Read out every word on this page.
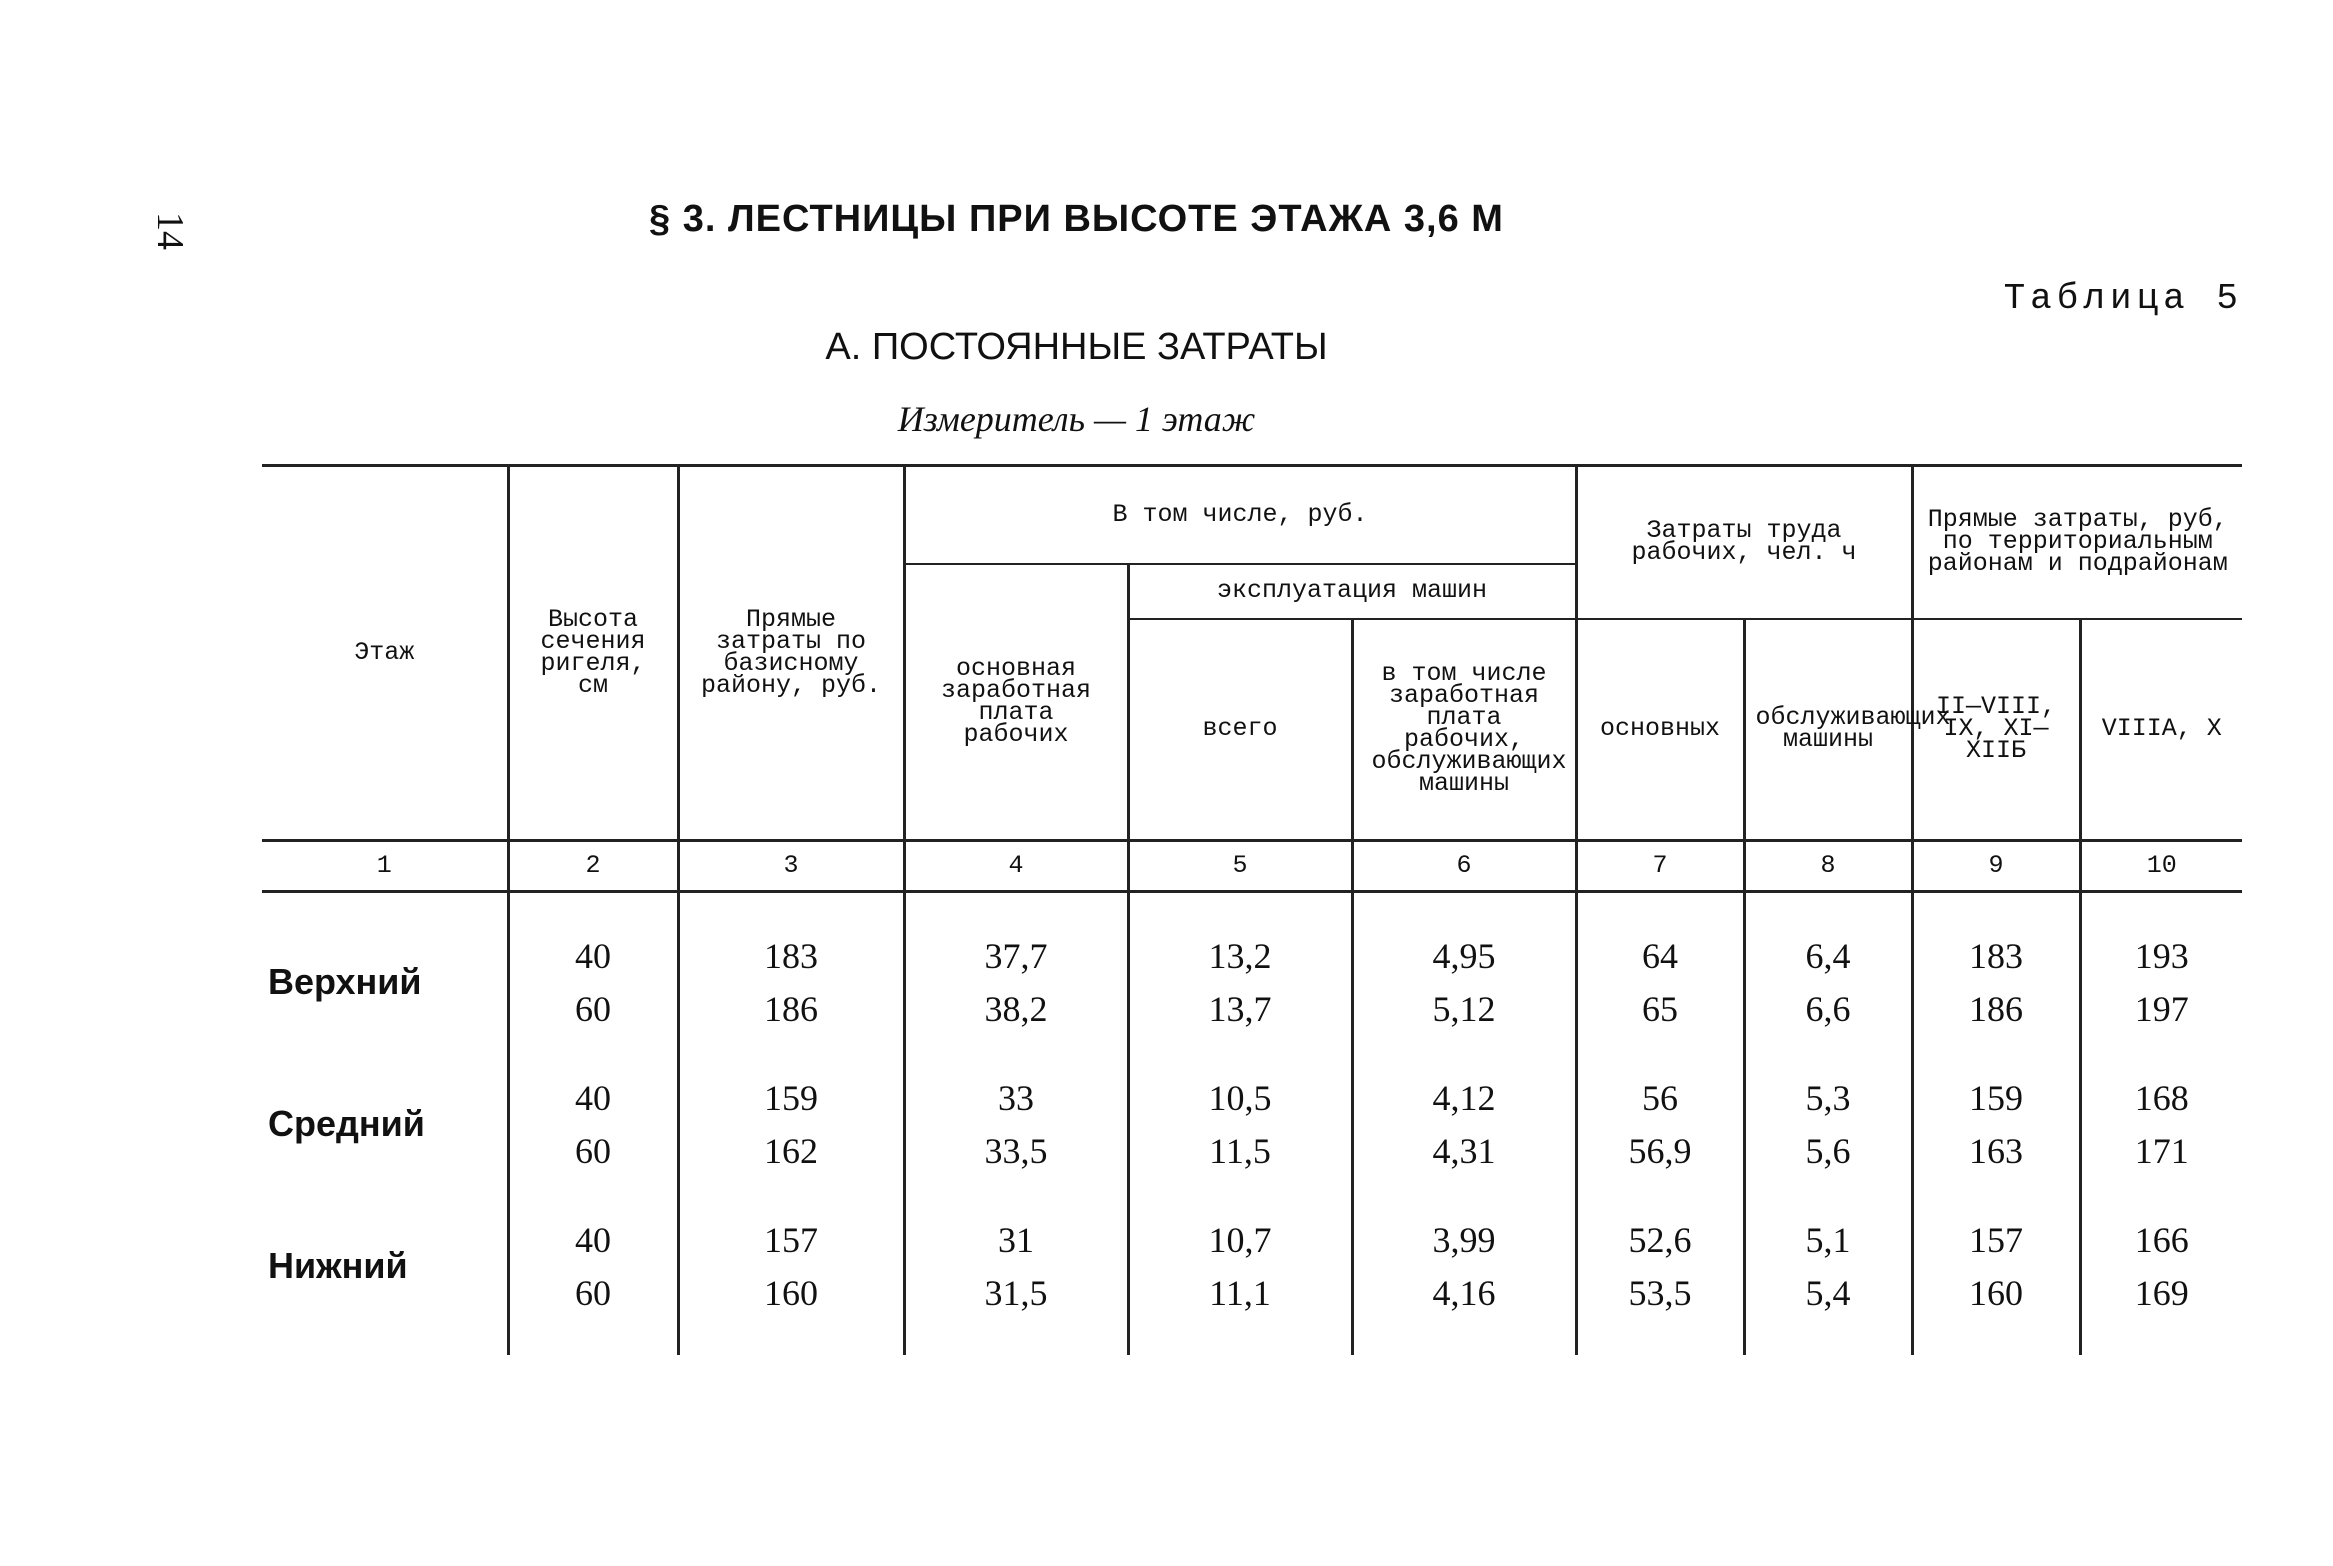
14	§ 3. ЛЕСТНИЦЫ ПРИ ВЫСОТЕ ЭТАЖА 3,6 М
Таблица 5
А. ПОСТОЯННЫЕ ЗАТРАТЫ
Измеритель — 1 этаж
Этаж	Высота сечения ригеля, см	Прямые затраты по базисному району, руб.	В том числе, руб.			Затраты труда рабочих, чел. ч		Прямые затраты, руб, по территориальным районам и подрайонам	
			основная заработная плата рабочих	эксплуатация машин					
				всего	в том числе заработная плата рабочих, обслуживающих машины	основных	обслуживающих машины	II—VIII, IX, XI—XIIБ	VIIIA, X
1	2	3	4	5	6	7	8	9	10

Верхний	40	183	37,7	13,2	4,95	64	6,4	183	193
	60	186	38,2	13,7	5,12	65	6,6	186	197

Средний	40	159	33	10,5	4,12	56	5,3	159	168
	60	162	33,5	11,5	4,31	56,9	5,6	163	171

Нижний	40	157	31	10,7	3,99	52,6	5,1	157	166
	60	160	31,5	11,1	4,16	53,5	5,4	160	169
